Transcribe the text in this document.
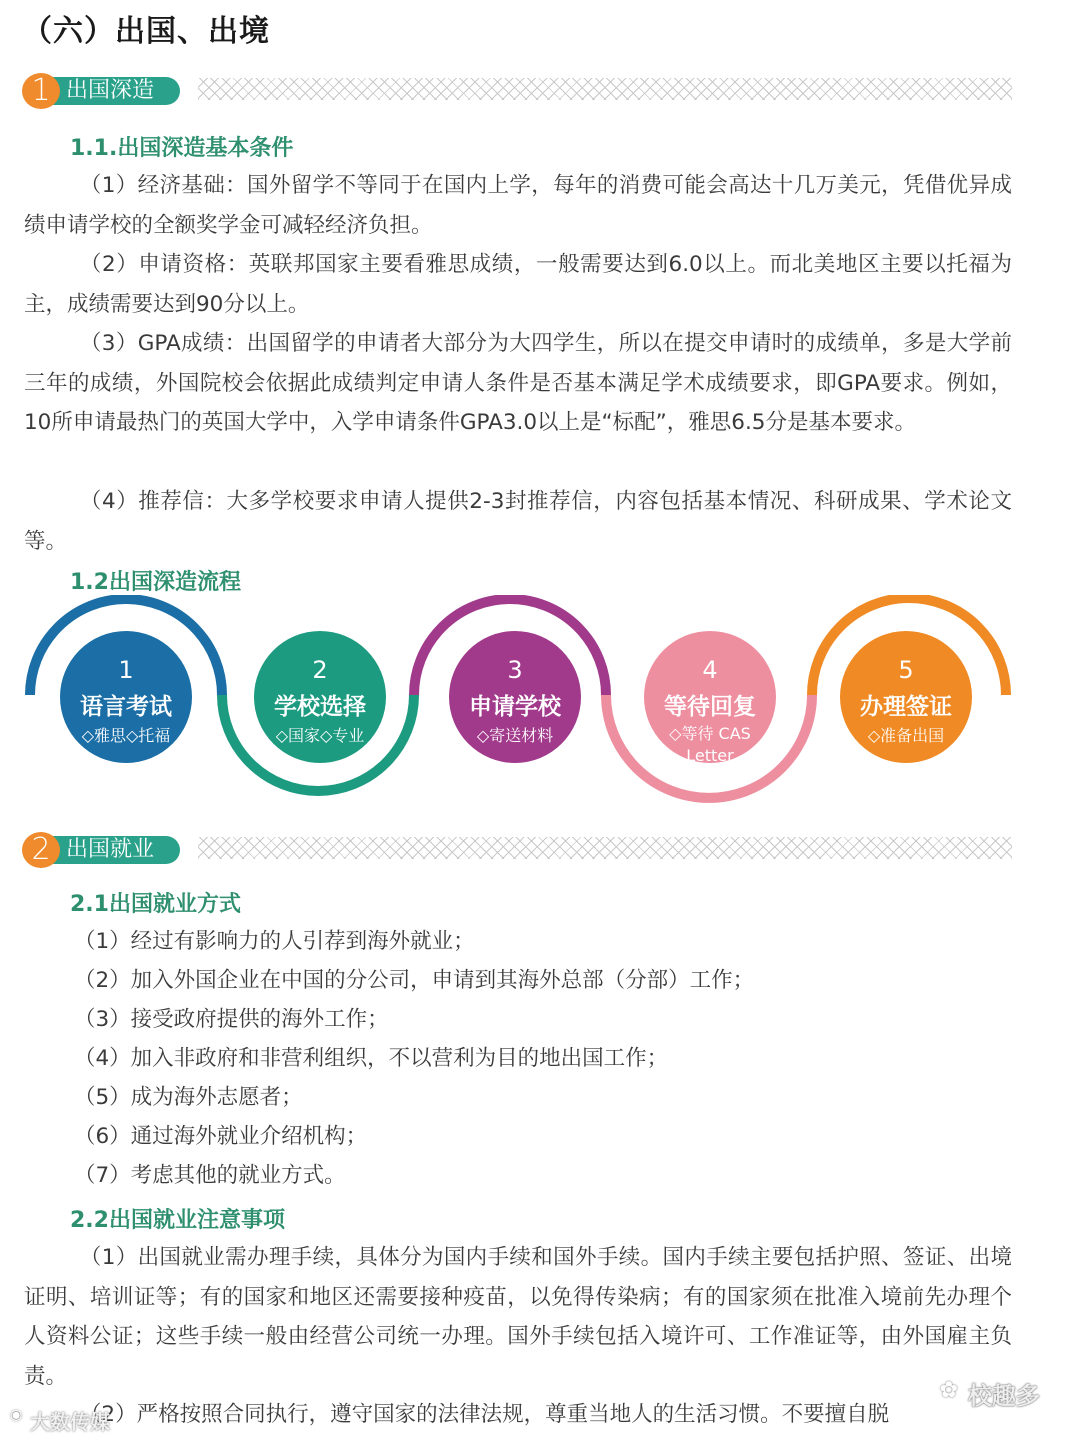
（六）出国、出境
出国深造
1
1.1.出国深造基本条件

（1）经济基础：国外留学不等同于在国内上学，每年的消费可能会高达十几万美元，凭借优异成绩申请学校的全额奖学金可减轻经济负担。

（2）申请资格：英联邦国家主要看雅思成绩，一般需要达到6.0以上。而北美地区主要以托福为主，成绩需要达到90分以上。

（3）GPA成绩：出国留学的申请者大部分为大四学生，所以在提交申请时的成绩单，多是大学前三年的成绩，外国院校会依据此成绩判定申请人条件是否基本满足学术成绩要求，即GPA要求。例如，10所申请最热门的英国大学中，入学申请条件GPA3.0以上是“标配”，雅思6.5分是基本要求。

（4）推荐信：大多学校要求申请人提供2-3封推荐信，内容包括基本情况、科研成果、学术论文等。

1.2出国深造流程
1
语言考试
◇雅思◇托福
2
学校选择
◇国家◇专业
3
申请学校
◇寄送材料
4
等待回复
◇等待 CAS
Letter
5
办理签证
◇准备出国
出国就业
2
2.1出国就业方式
（1）经过有影响力的人引荐到海外就业；
（2）加入外国企业在中国的分公司，申请到其海外总部（分部）工作；
（3）接受政府提供的海外工作；
（4）加入非政府和非营利组织，不以营利为目的地出国工作；
（5）成为海外志愿者；
（6）通过海外就业介绍机构；
（7）考虑其他的就业方式。
2.2出国就业注意事项

（1）出国就业需办理手续，具体分为国内手续和国外手续。国内手续主要包括护照、签证、出境证明、培训证等；有的国家和地区还需要接种疫苗，以免得传染病；有的国家须在批准入境前先办理个人资料公证；这些手续一般由经营公司统一办理。国外手续包括入境许可、工作准证等，由外国雇主负责。

（2）严格按照合同执行，遵守国家的法律法规，尊重当地人的生活习惯。不要擅自脱

✿ 校趣多
◉ 大数传媒
